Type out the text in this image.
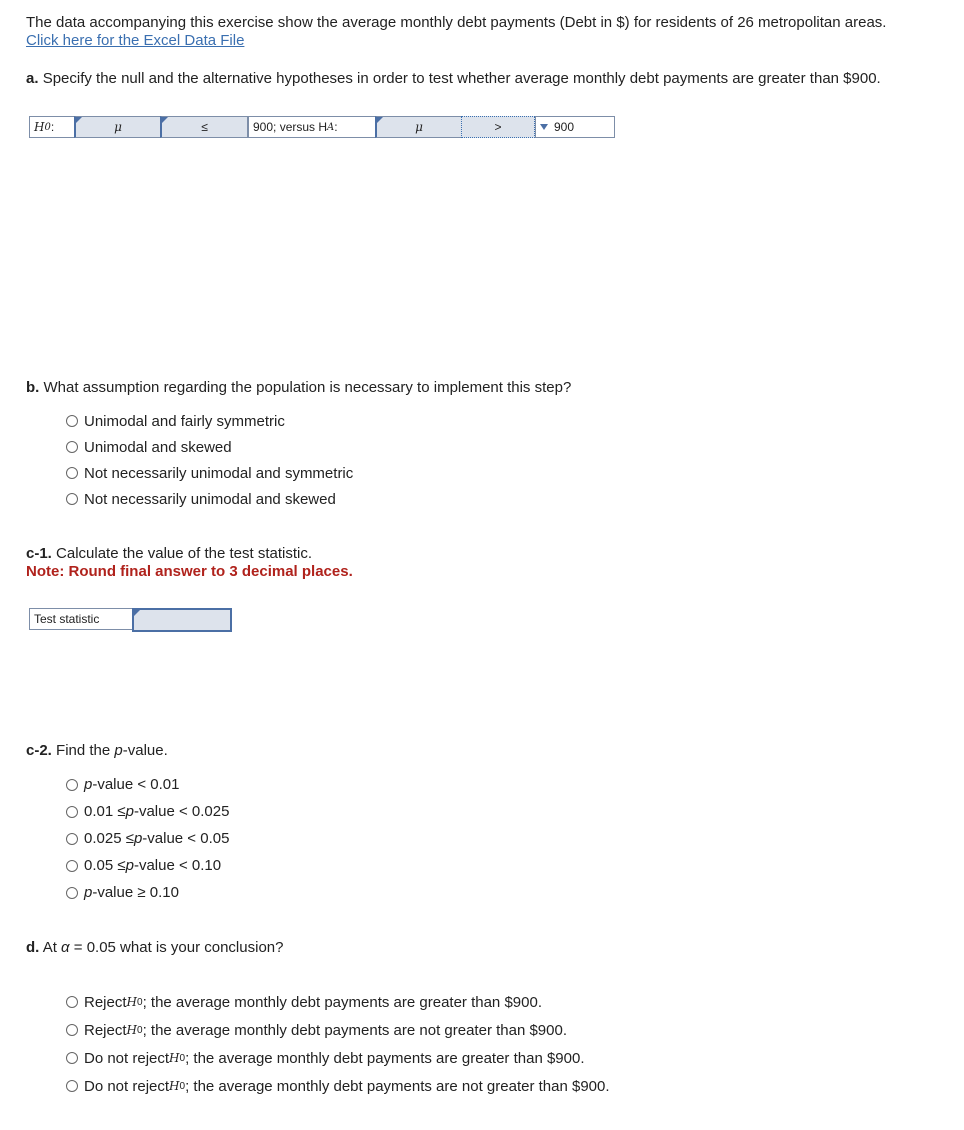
The data accompanying this exercise show the average monthly debt payments (Debt in $) for residents of 26 metropolitan areas.
Click here for the Excel Data File
a. Specify the null and the alternative hypotheses in order to test whether average monthly debt payments are greater than $900.
H 0 :	μ	≤	900; versus H A :	μ	>	900
b. What assumption regarding the population is necessary to implement this step?
Unimodal and fairly symmetric
Unimodal and skewed
Not necessarily unimodal and symmetric
Not necessarily unimodal and skewed
c-1. Calculate the value of the test statistic.
Note: Round final answer to 3 decimal places.
Test statistic
c-2. Find the p-value.
p -value < 0.01
0.01 ≤ p -value < 0.025
0.025 ≤ p -value < 0.05
0.05 ≤ p -value < 0.10
p -value ≥ 0.10
d. At α = 0.05 what is your conclusion?
Reject H 0 ; the average monthly debt payments are greater than $900.
Reject H 0 ; the average monthly debt payments are not greater than $900.
Do not reject H 0 ; the average monthly debt payments are greater than $900.
Do not reject H 0 ; the average monthly debt payments are not greater than $900.
